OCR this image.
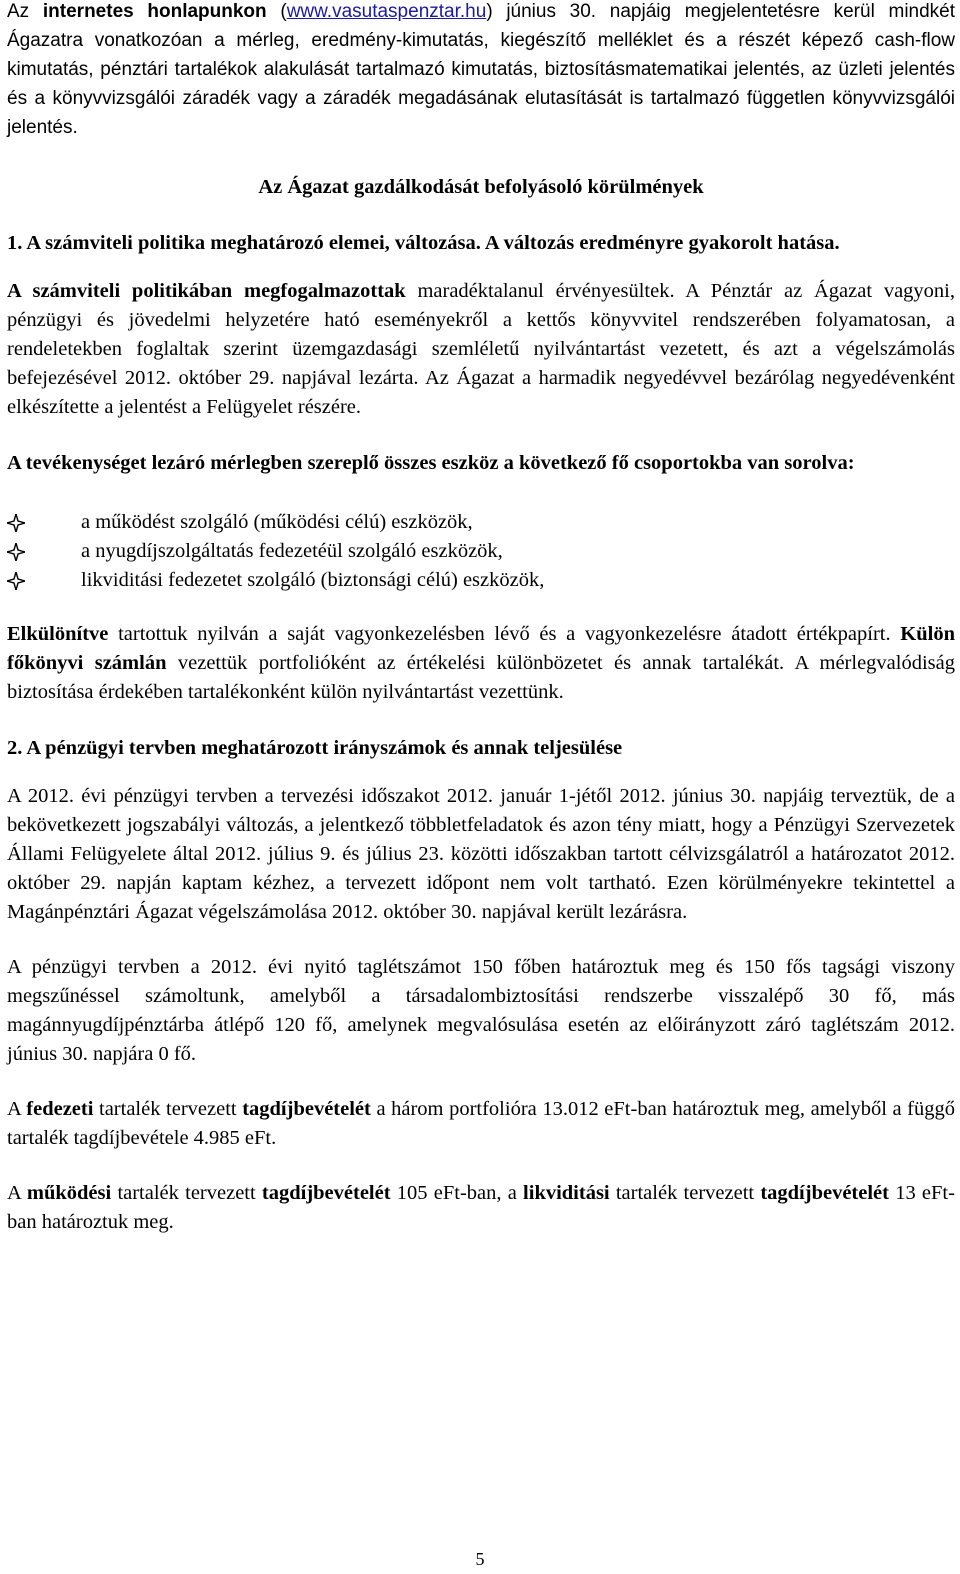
Az internetes honlapunkon (www.vasutaspenztar.hu) június 30. napjáig megjelentetésre kerül mindkét Ágazatra vonatkozóan a mérleg, eredmény-kimutatás, kiegészítő melléklet és a részét képező cash-flow kimutatás, pénztári tartalékok alakulását tartalmazó kimutatás, biztosításmatematikai jelentés, az üzleti jelentés és a könyvvizsgálói záradék vagy a záradék megadásának elutasítását is tartalmazó független könyvvizsgálói jelentés.

Az Ágazat gazdálkodását befolyásoló körülmények

1. A számviteli politika meghatározó elemei, változása. A változás eredményre gyakorolt hatása.

A számviteli politikában megfogalmazottak maradéktalanul érvényesültek. A Pénztár az Ágazat vagyoni, pénzügyi és jövedelmi helyzetére ható eseményekről a kettős könyvvitel rendszerében folyamatosan, a rendeletekben foglaltak szerint üzemgazdasági szemléletű nyilvántartást vezetett, és azt a végelszámolás befejezésével 2012. október 29. napjával lezárta. Az Ágazat a harmadik negyedévvel bezárólag negyedévenként elkészítette a jelentést a Felügyelet részére.

A tevékenységet lezáró mérlegben szereplő összes eszköz a következő fő csoportokba van sorolva:

a működést szolgáló (működési célú) eszközök,
a nyugdíjszolgáltatás fedezetéül szolgáló eszközök,
likviditási fedezetet szolgáló (biztonsági célú) eszközök,

Elkülönítve tartottuk nyilván a saját vagyonkezelésben lévő és a vagyonkezelésre átadott értékpapírt. Külön főkönyvi számlán vezettük portfolióként az értékelési különbözetet és annak tartalékát. A mérlegvalódiság biztosítása érdekében tartalékonként külön nyilvántartást vezettünk.

2. A pénzügyi tervben meghatározott irányszámok és annak teljesülése

A 2012. évi pénzügyi tervben a tervezési időszakot 2012. január 1-jétől 2012. június 30. napjáig terveztük, de a bekövetkezett jogszabályi változás, a jelentkező többletfeladatok és azon tény miatt, hogy a Pénzügyi Szervezetek Állami Felügyelete által 2012. július 9. és július 23. közötti időszakban tartott célvizsgálatról a határozatot 2012. október 29. napján kaptam kézhez, a tervezett időpont nem volt tartható. Ezen körülményekre tekintettel a Magánpénztári Ágazat végelszámolása 2012. október 30. napjával került lezárásra.

A pénzügyi tervben a 2012. évi nyitó taglétszámot 150 főben határoztuk meg és 150 fős tagsági viszony megszűnéssel számoltunk, amelyből a társadalombiztosítási rendszerbe visszalépő 30 fő, más magánnyugdíjpénztárba átlépő 120 fő, amelynek megvalósulása esetén az előirányzott záró taglétszám 2012. június 30. napjára 0 fő.

A fedezeti tartalék tervezett tagdíjbevételét a három portfolióra 13.012 eFt-ban határoztuk meg, amelyből a függő tartalék tagdíjbevétele 4.985 eFt.

A működési tartalék tervezett tagdíjbevételét 105 eFt-ban, a likviditási tartalék tervezett tagdíjbevételét 13 eFt-ban határoztuk meg.

5
